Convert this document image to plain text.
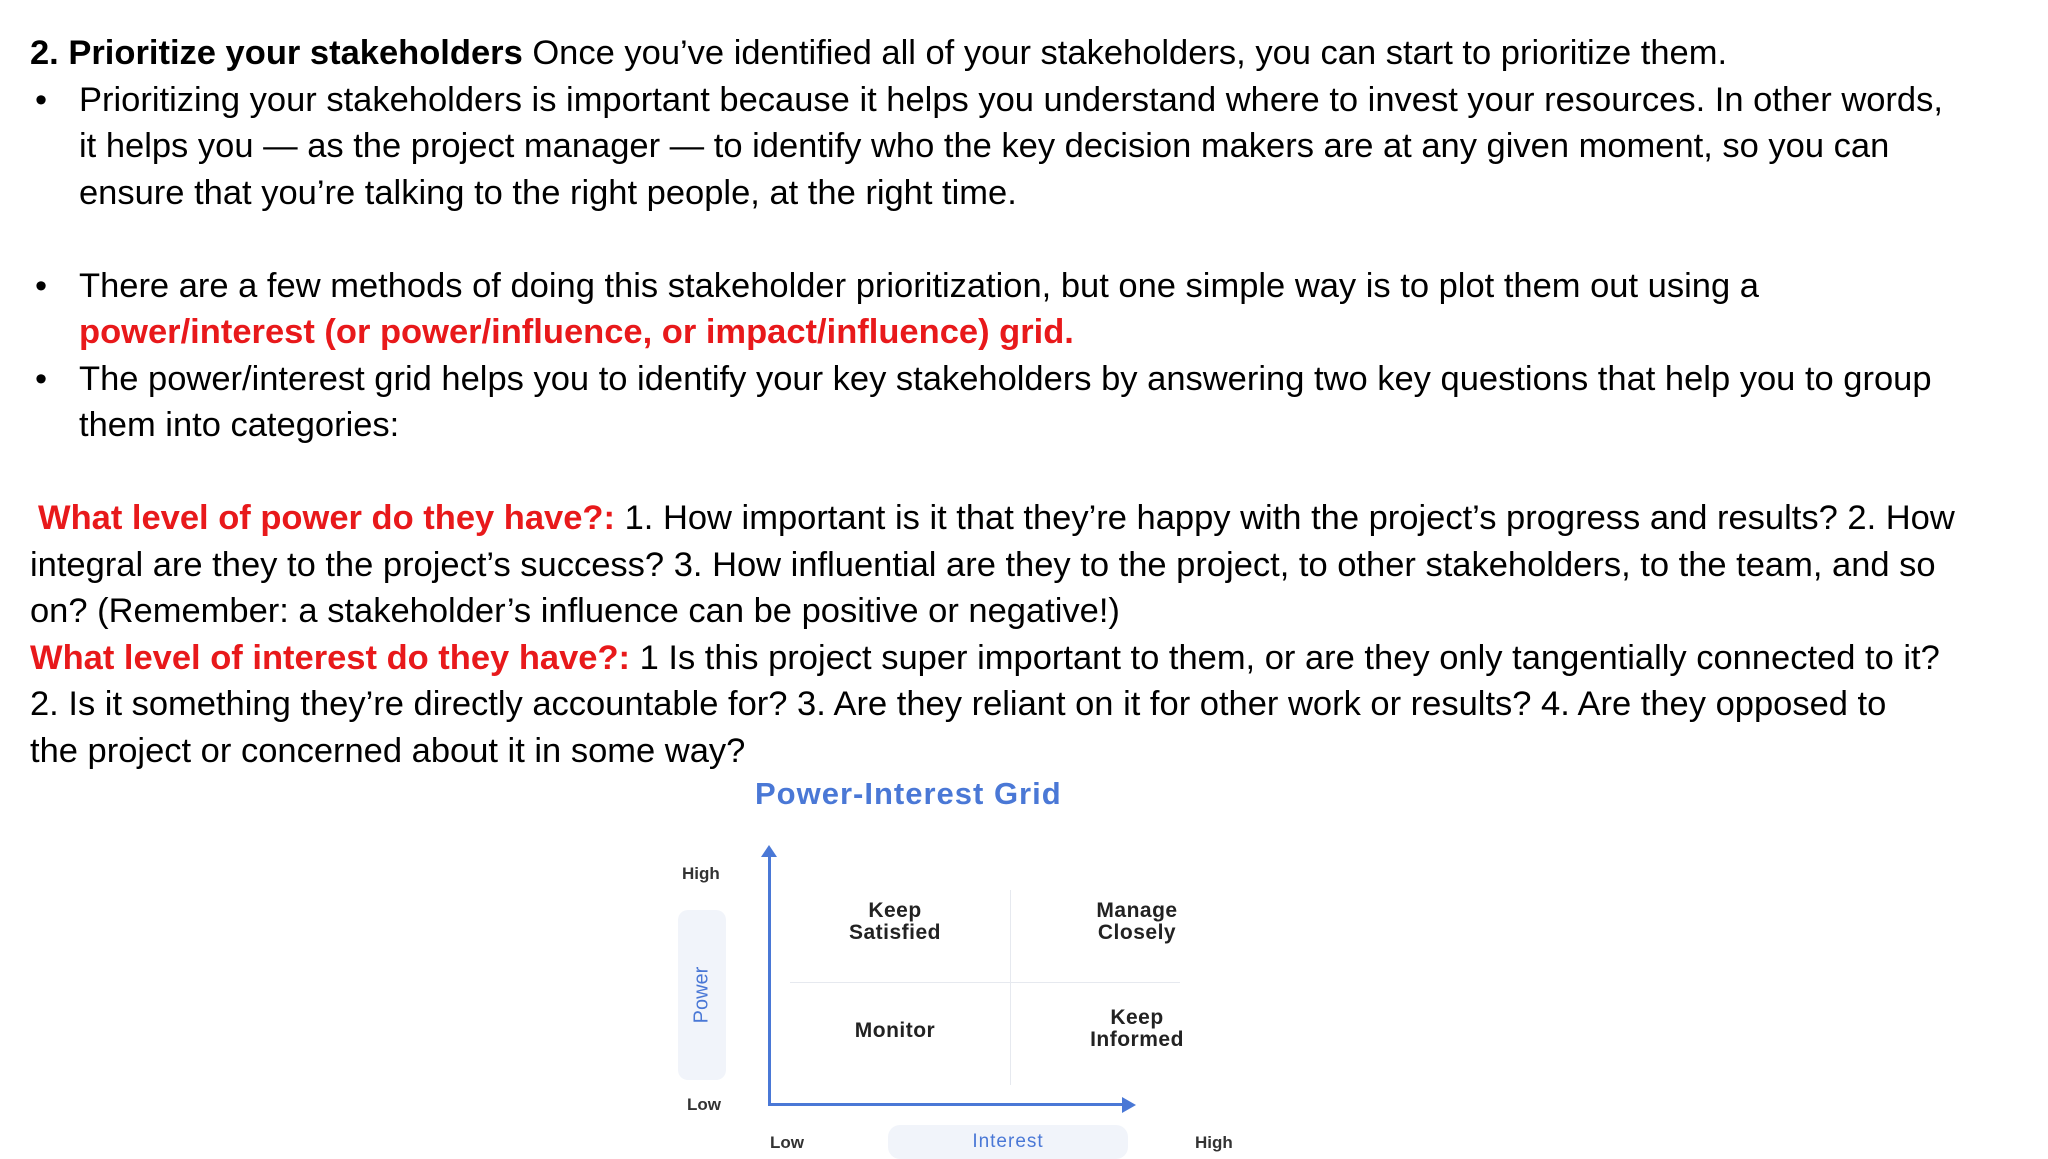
2. Prioritize your stakeholders Once you’ve identified all of your stakeholders, you can start to prioritize them.
• Prioritizing your stakeholders is important because it helps you understand where to invest your resources. In other words,
it helps you — as the project manager — to identify who the key decision makers are at any given moment, so you can
ensure that you’re talking to the right people, at the right time.
• There are a few methods of doing this stakeholder prioritization, but one simple way is to plot them out using a
power/interest (or power/influence, or impact/influence) grid.
• The power/interest grid helps you to identify your key stakeholders by answering two key questions that help you to group
them into categories:
What level of power do they have?: 1. How important is it that they’re happy with the project’s progress and results? 2. How
integral are they to the project’s success? 3. How influential are they to the project, to other stakeholders, to the team, and so
on? (Remember: a stakeholder’s influence can be positive or negative!)
What level of interest do they have?: 1 Is this project super important to them, or are they only tangentially connected to it?
2. Is it something they’re directly accountable for? 3. Are they reliant on it for other work or results? 4. Are they opposed to
the project or concerned about it in some way?
Power-Interest Grid
Power
High
Low
Keep
Satisfied
Manage
Closely
Monitor
Keep
Informed
Interest
Low	High
